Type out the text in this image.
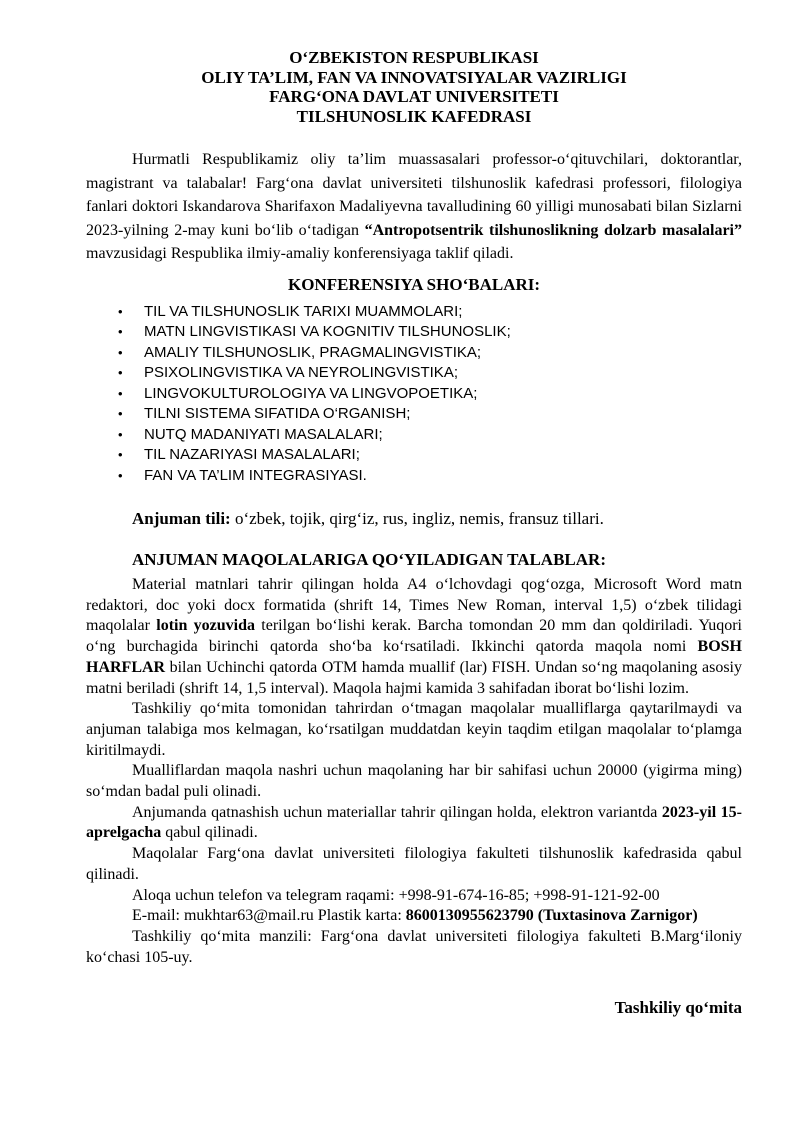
O‘ZBEKISTON RESPUBLIKASI
OLIY TA’LIM, FAN VA INNOVATSIYALAR VAZIRLIGI
FARG‘ONA DAVLAT UNIVERSITETI
TILSHUNOSLIK KAFEDRASI
Hurmatli Respublikamiz oliy ta’lim muassasalari professor-o‘qituvchilari, doktorantlar, magistrant va talabalar! Farg‘ona davlat universiteti tilshunoslik kafedrasi professori, filologiya fanlari doktori Iskandarova Sharifaxon Madaliyevna tavalludining 60 yilligi munosabati bilan Sizlarni 2023-yilning 2-may kuni bo‘lib o‘tadigan “Antropotsentrik tilshunoslikning dolzarb masalalari” mavzusidagi Respublika ilmiy-amaliy konferensiyaga taklif qiladi.
KONFERENSIYA SHO‘BALARI:
• TIL VA TILSHUNOSLIK TARIXI MUAMMOLARI;
• MATN LINGVISTIKASI VA KOGNITIV TILSHUNOSLIK;
• AMALIY TILSHUNOSLIK, PRAGMALINGVISTIKA;
• PSIXOLINGVISTIKA VA NEYROLINGVISTIKA;
• LINGVOKULTUROLOGIYA VA LINGVOPOETIKA;
• TILNI SISTEMA SIFATIDA O‘RGANISH;
• NUTQ MADANIYATI MASALALARI;
• TIL NAZARIYASI MASALALARI;
• FAN VA TA’LIM INTEGRASIYASI.
Anjuman tili: o‘zbek, tojik, qirg‘iz, rus, ingliz, nemis, fransuz tillari.
ANJUMAN MAQOLALARIGA QO‘YILADIGAN TALABLAR:

Material matnlari tahrir qilingan holda A4 o‘lchovdagi qog‘ozga, Microsoft Word matn redaktori, doc yoki docx formatida (shrift 14, Times New Roman, interval 1,5) o‘zbek tilidagi maqolalar lotin yozuvida terilgan bo‘lishi kerak. Barcha tomondan 20 mm dan qoldiriladi. Yuqori o‘ng burchagida birinchi qatorda sho‘ba ko‘rsatiladi. Ikkinchi qatorda maqola nomi BOSH HARFLAR bilan Uchinchi qatorda OTM hamda muallif (lar) FISH. Undan so‘ng maqolaning asosiy matni beriladi (shrift 14, 1,5 interval). Maqola hajmi kamida 3 sahifadan iborat bo‘lishi lozim.

Tashkiliy qo‘mita tomonidan tahrirdan o‘tmagan maqolalar mualliflarga qaytarilmaydi va anjuman talabiga mos kelmagan, ko‘rsatilgan muddatdan keyin taqdim etilgan maqolalar to‘plamga kiritilmaydi.

Mualliflardan maqola nashri uchun maqolaning har bir sahifasi uchun 20000 (yigirma ming) so‘mdan badal puli olinadi.

Anjumanda qatnashish uchun materiallar tahrir qilingan holda, elektron variantda 2023-yil 15-aprelgacha qabul qilinadi.

Maqolalar Farg‘ona davlat universiteti filologiya fakulteti tilshunoslik kafedrasida qabul qilinadi.

Aloqa uchun telefon va telegram raqami: +998-91-674-16-85; +998-91-121-92-00

E-mail: mukhtar63@mail.ru Plastik karta: 8600130955623790 (Tuxtasinova Zarnigor)

Tashkiliy qo‘mita manzili: Farg‘ona davlat universiteti filologiya fakulteti B.Marg‘iloniy ko‘chasi 105-uy.

Tashkiliy qo‘mita
